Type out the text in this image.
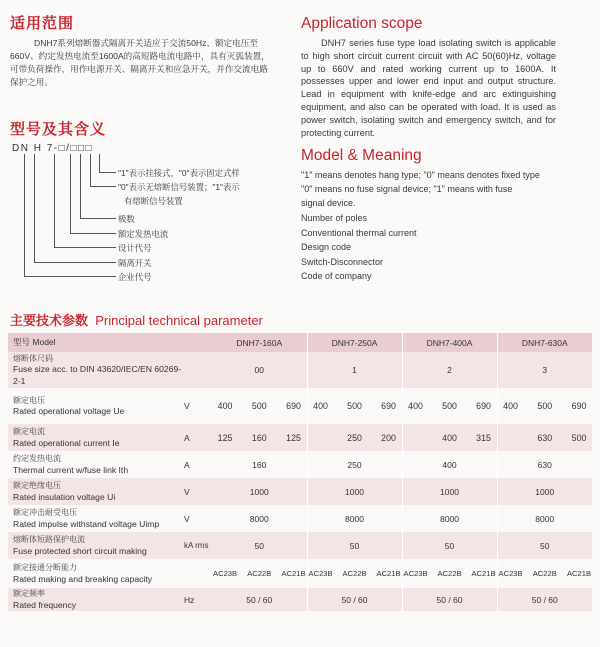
适用范围
DNH7系列熔断器式隔离开关适应于交流50Hz、额定电压至660V、约定发热电流至1600A的高短路电流电路中，具有灭弧装置，可带负荷操作，用作电源开关、隔离开关和应急开关，并作交流电路保护之用。
型号及其含义
DN H 7-□/□□□
"1"表示挂接式，"0"表示固定式样
"0"表示无熔断信号装置；"1"表示
有熔断信号装置
极数
额定发热电流
设计代号
隔离开关
企业代号
Application scope
DNH7 series fuse type load isolating switch is applicable to high short circuit current circuit with AC 50(60)Hz, voltage up to 660V and rated working current up to 1600A. It possesses upper and lower end input and output structure. Lead in equipment with knife-edge and arc extinguishing equipment, and also can be operated with load. It is used as power switch, isolating switch and emergency switch, and for protecting current.
Model & Meaning
"1" means denotes hang type; "0" means denotes fixed type
"0" means no fuse signal device; "1" means with fuse
signal device.
Number of poles
Conventional thermal current
Design code
Switch-Disconnector
Code of company
主要技术参数 Principal technical parameter
型号 Model		DNH7-160A	DNH7-250A	DNH7-400A	DNH7-630A

熔断体尺码
Fuse size acc. to DIN 43620/IEC/EN 60269-2-1		00	1	2	3

额定电压
Rated operational voltage Ue	V	400 500 690	400 500 690	400 500 690	400 500 690

额定电流
Rated operational current Ie	A	125 160 125	250 200	400 315	630 500

约定发热电流
Thermal current w/fuse link Ith	A	160	250	400	630

额定绝缘电压
Rated insulation voltage Ui	V	1000	1000	1000	1000

额定冲击耐受电压
Rated impulse withstand voltage Uimp	V	8000	8000	8000	8000

熔断体短路保护电流
Fuse protected short circuit making	kA rms	50	50	50	50

额定接通分断能力
Rated making and breaking capacity		AC23B AC22B AC21B	AC23B AC22B AC21B	AC23B AC22B AC21B	AC23B AC22B AC21B

额定频率
Rated frequency	Hz	50 / 60	50 / 60	50 / 60	50 / 60
